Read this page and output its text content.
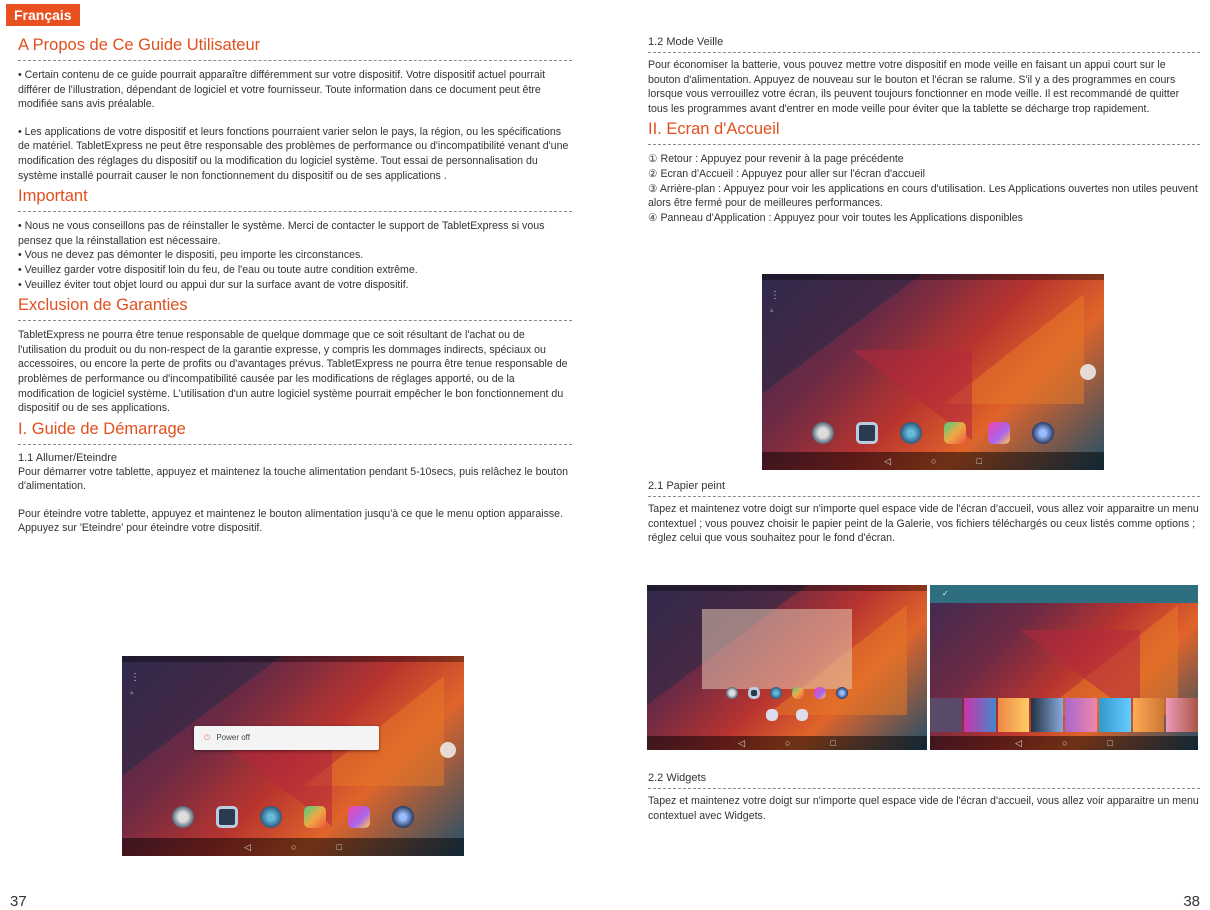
Français
A Propos de Ce Guide Utilisateur

• Certain contenu de ce guide pourrait apparaître différemment sur votre dispositif. Votre dispositif actuel pourrait différer de l'illustration, dépendant de logiciel et votre fournisseur. Toute information dans ce document peut être modifiée sans avis préalable.

• Les applications de votre dispositif et leurs fonctions pourraient varier selon le pays, la région, ou les spécifications de matériel. TabletExpress ne peut être responsable des problèmes de performance ou d'incompatibilité venant d'une modification des réglages du dispositif ou la modification du logiciel système. Tout essai de personnalisation du système installé pourrait causer le non fonctionnement du dispositif ou de ses applications .

Important

• Nous ne vous conseillons pas de réinstaller le système. Merci de contacter le support de TabletExpress si vous pensez que la réinstallation est nécessaire.
• Vous ne devez pas démonter le dispositi, peu importe les circonstances.
• Veuillez garder votre dispositif loin du feu, de l'eau ou toute autre condition extrême.
• Veuillez éviter tout objet lourd ou appui dur sur la surface avant de votre dispositif.

Exclusion de Garanties

TabletExpress ne pourra être tenue responsable de quelque dommage que ce soit résultant de l'achat ou de l'utilisation du produit ou du non-respect de la garantie expresse, y compris les dommages indirects, spéciaux ou accessoires, ou encore la perte de profits ou d'avantages prévus. TabletExpress ne pourra être tenue responsable de problèmes de performance ou d'incompatibilité causée par les modifications de réglages apporté, ou de la modification de logiciel système. L'utilisation d'un autre logiciel système pourrait empêcher le bon fonctionnement du dispositif ou de ses applications.

I. Guide de Démarrage
1.1 Allumer/Eteindre

Pour démarrer votre tablette, appuyez et maintenez la touche alimentation pendant 5-10secs, puis relâchez le bouton d'alimentation.

Pour éteindre votre tablette, appuyez et maintenez le bouton alimentation jusqu'à ce que le menu option apparaisse. Appuyez sur 'Eteindre' pour éteindre votre dispositif.

⋮
◦
⏻ Power off
◁	○	□
37
1.2 Mode Veille

Pour économiser la batterie, vous pouvez mettre votre dispositif en mode veille en faisant un appui court sur le bouton d'alimentation. Appuyez de nouveau sur le bouton et l'écran se ralume. S'il y a des programmes en cours lorsque vous verrouillez votre écran, ils peuvent toujours fonctionner en mode veille. Il est recommandé de quitter tous les programmes avant d'entrer en mode veille pour éviter que la tablette se décharge trop rapidement.

II. Ecran d'Accueil

① Retour : Appuyez pour revenir à la page précédente

② Ecran d'Accueil : Appuyez pour aller sur l'écran d'accueil

③ Arrière-plan : Appuyez pour voir les applications en cours d'utilisation. Les Applications ouvertes non utiles peuvent alors être fermé pour de meilleures performances.

④ Panneau d'Application : Appuyez pour voir toutes les Applications disponibles

⋮
◦
◁	○	□
2.1 Papier peint

Tapez et maintenez votre doigt sur n'importe quel espace vide de l'écran d'accueil, vous allez voir apparaitre un menu contextuel ; vous pouvez choisir le papier peint de la Galerie, vos fichiers téléchargés ou ceux listés comme options ; réglez celui que vous souhaitez pour le fond d'écran.

◁	○	□
✓
◁	○	□
2.2 Widgets

Tapez et maintenez votre doigt sur n'importe quel espace vide de l'écran d'accueil, vous allez voir apparaitre un menu contextuel avec Widgets.

38
